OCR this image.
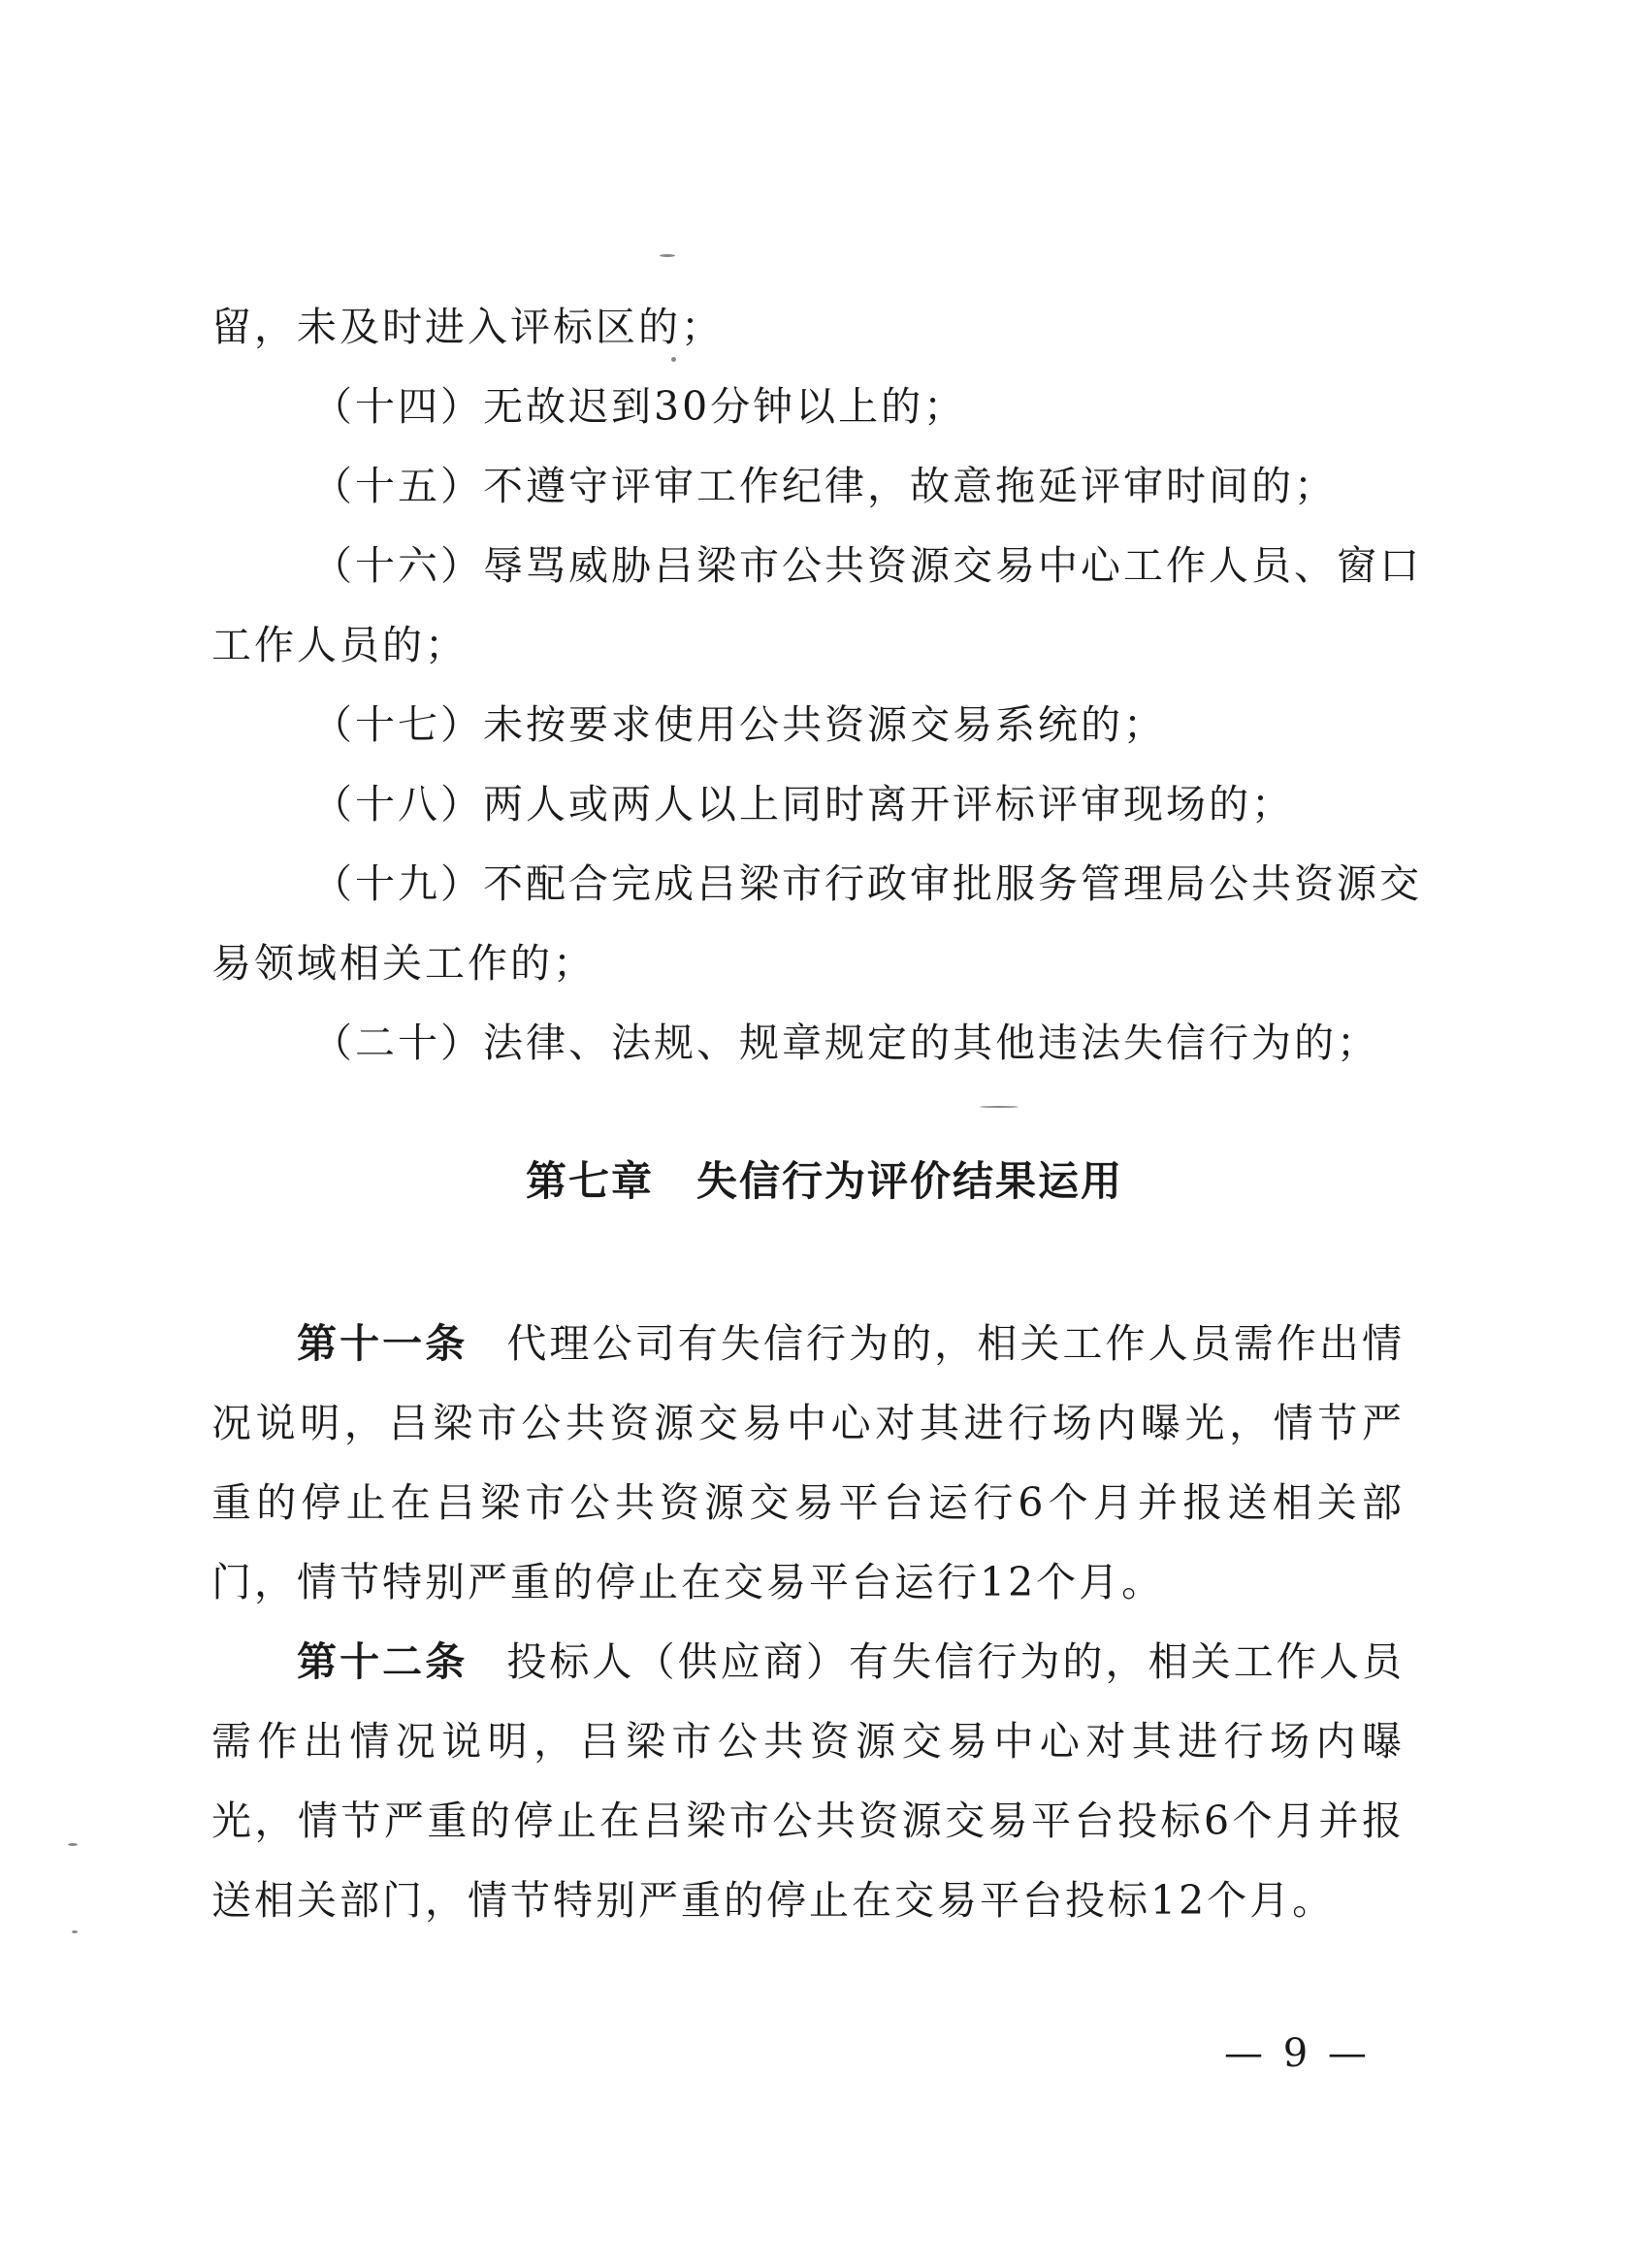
留，未及时进入评标区的；

（十四）无故迟到30分钟以上的；

（十五）不遵守评审工作纪律，故意拖延评审时间的；

（十六）辱骂威胁吕梁市公共资源交易中心工作人员、窗口

工作人员的；

（十七）未按要求使用公共资源交易系统的；

（十八）两人或两人以上同时离开评标评审现场的；

（十九）不配合完成吕梁市行政审批服务管理局公共资源交

易领域相关工作的；

（二十）法律、法规、规章规定的其他违法失信行为的；

第七章 失信行为评价结果运用
第十一条 代理公司有失信行为的，相关工作人员需作出情况说明，吕梁市公共资源交易中心对其进行场内曝光，情节严重的停止在吕梁市公共资源交易平台运行6个月并报送相关部门，情节特别严重的停止在交易平台运行12个月。
第十二条 投标人（供应商）有失信行为的，相关工作人员需作出情况说明，吕梁市公共资源交易中心对其进行场内曝光，情节严重的停止在吕梁市公共资源交易平台投标6个月并报送相关部门，情节特别严重的停止在交易平台投标12个月。
— 9 —
